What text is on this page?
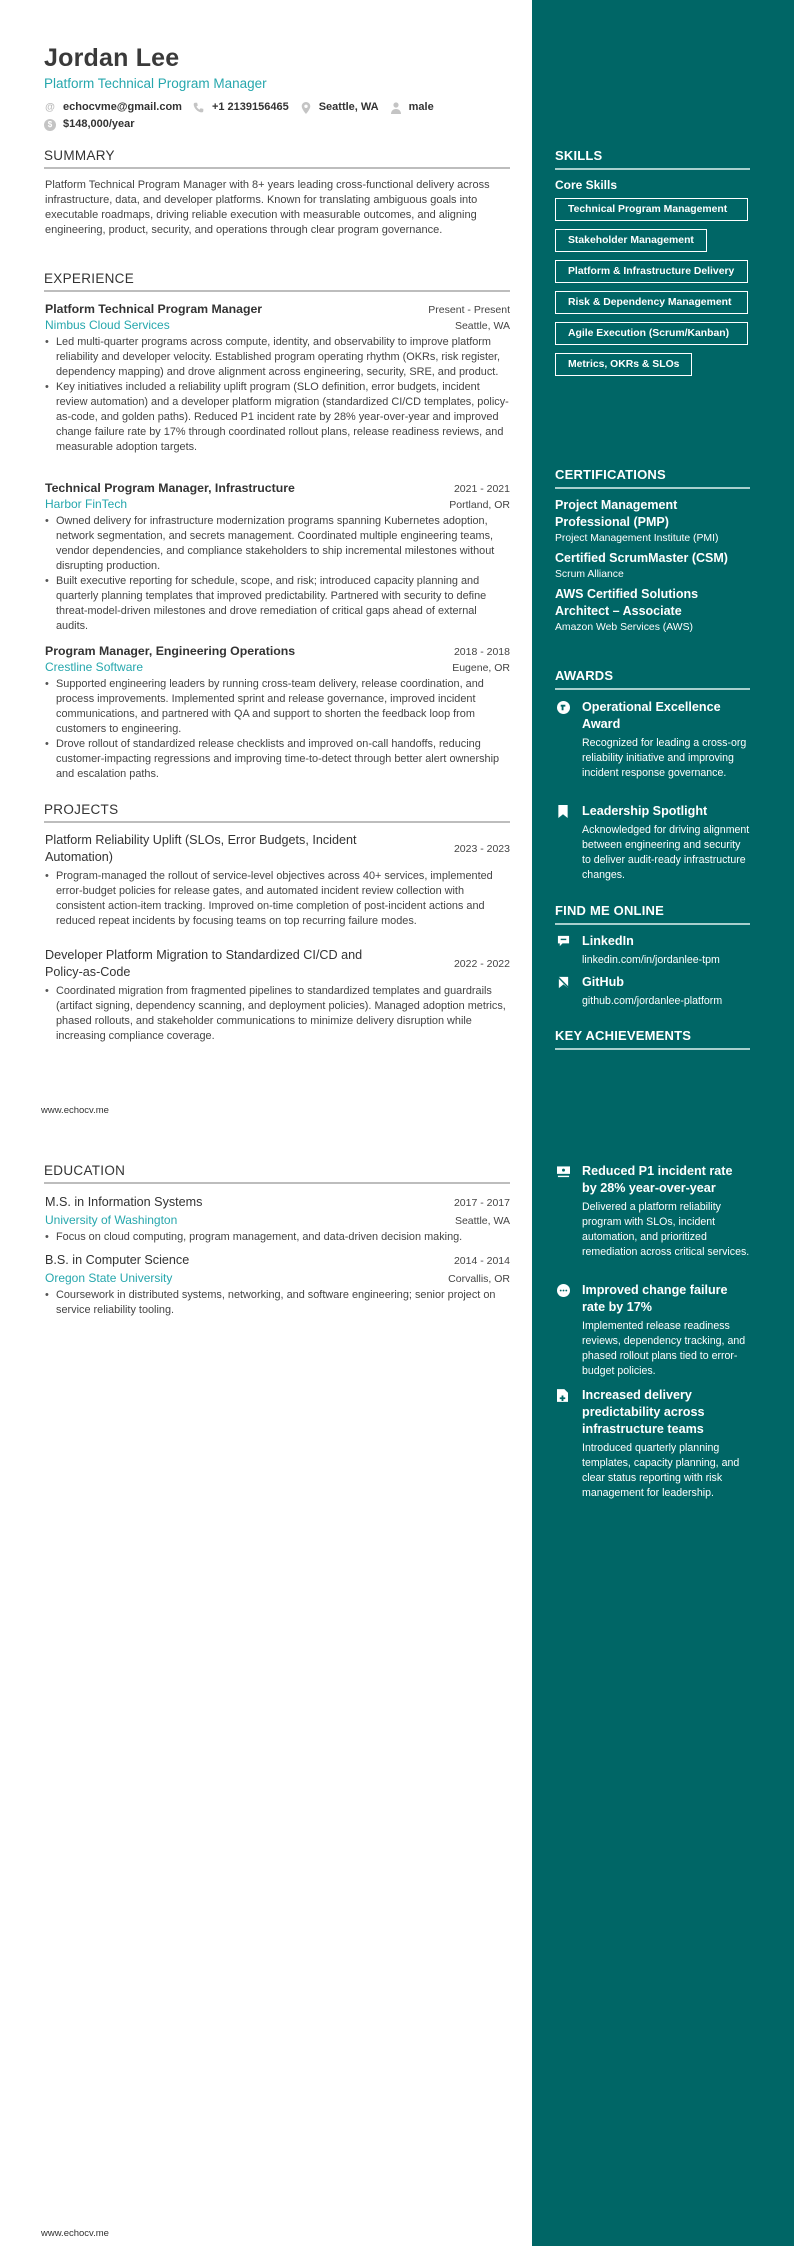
Jordan Lee
Platform Technical Program Manager
@ echocvme@gmail.com	+1 2139156465	Seattle, WA	male
$ $148,000/year
SUMMARY
Platform Technical Program Manager with 8+ years leading cross-functional delivery across infrastructure, data, and developer platforms. Known for translating ambiguous goals into executable roadmaps, driving reliable execution with measurable outcomes, and aligning engineering, product, security, and operations through clear program governance.
EXPERIENCE
Platform Technical Program Manager	Present - Present
Nimbus Cloud Services	Seattle, WA
• Led multi-quarter programs across compute, identity, and observability to improve platform reliability and developer velocity. Established program operating rhythm (OKRs, risk register, dependency mapping) and drove alignment across engineering, security, SRE, and product.
• Key initiatives included a reliability uplift program (SLO definition, error budgets, incident review automation) and a developer platform migration (standardized CI/CD templates, policy-as-code, and golden paths). Reduced P1 incident rate by 28% year-over-year and improved change failure rate by 17% through coordinated rollout plans, release readiness reviews, and measurable adoption targets.
Technical Program Manager, Infrastructure	2021 - 2021
Harbor FinTech	Portland, OR
• Owned delivery for infrastructure modernization programs spanning Kubernetes adoption, network segmentation, and secrets management. Coordinated multiple engineering teams, vendor dependencies, and compliance stakeholders to ship incremental milestones without disrupting production.
• Built executive reporting for schedule, scope, and risk; introduced capacity planning and quarterly planning templates that improved predictability. Partnered with security to define threat-model-driven milestones and drove remediation of critical gaps ahead of external audits.
Program Manager, Engineering Operations	2018 - 2018
Crestline Software	Eugene, OR
• Supported engineering leaders by running cross-team delivery, release coordination, and process improvements. Implemented sprint and release governance, improved incident communications, and partnered with QA and support to shorten the feedback loop from customers to engineering.
• Drove rollout of standardized release checklists and improved on-call handoffs, reducing customer-impacting regressions and improving time-to-detect through better alert ownership and escalation paths.
PROJECTS
Platform Reliability Uplift (SLOs, Error Budgets, Incident Automation)
2023 - 2023
• Program-managed the rollout of service-level objectives across 40+ services, implemented error-budget policies for release gates, and automated incident review collection with consistent action-item tracking. Improved on-time completion of post-incident actions and reduced repeat incidents by focusing teams on top recurring failure modes.
Developer Platform Migration to Standardized CI/CD and Policy-as-Code
2022 - 2022
• Coordinated migration from fragmented pipelines to standardized templates and guardrails (artifact signing, dependency scanning, and deployment policies). Managed adoption metrics, phased rollouts, and stakeholder communications to minimize delivery disruption while increasing compliance coverage.
EDUCATION
M.S. in Information Systems	2017 - 2017
University of Washington	Seattle, WA
• Focus on cloud computing, program management, and data-driven decision making.
B.S. in Computer Science	2014 - 2014
Oregon State University	Corvallis, OR
• Coursework in distributed systems, networking, and software engineering; senior project on service reliability tooling.
www.echocv.me
www.echocv.me
SKILLS
Core Skills
Technical Program Management
Stakeholder Management
Platform & Infrastructure Delivery
Risk & Dependency Management
Agile Execution (Scrum/Kanban)
Metrics, OKRs & SLOs
CERTIFICATIONS
Project Management Professional (PMP)
Project Management Institute (PMI)
Certified ScrumMaster (CSM)
Scrum Alliance
AWS Certified Solutions Architect – Associate
Amazon Web Services (AWS)
AWARDS
Operational Excellence Award
Recognized for leading a cross-org reliability initiative and improving incident response governance.
Leadership Spotlight
Acknowledged for driving alignment between engineering and security to deliver audit-ready infrastructure changes.
FIND ME ONLINE
LinkedIn
linkedin.com/in/jordanlee-tpm
GitHub
github.com/jordanlee-platform
KEY ACHIEVEMENTS
Reduced P1 incident rate by 28% year-over-year
Delivered a platform reliability program with SLOs, incident automation, and prioritized remediation across critical services.
Improved change failure rate by 17%
Implemented release readiness reviews, dependency tracking, and phased rollout plans tied to error-budget policies.
Increased delivery predictability across infrastructure teams
Introduced quarterly planning templates, capacity planning, and clear status reporting with risk management for leadership.
